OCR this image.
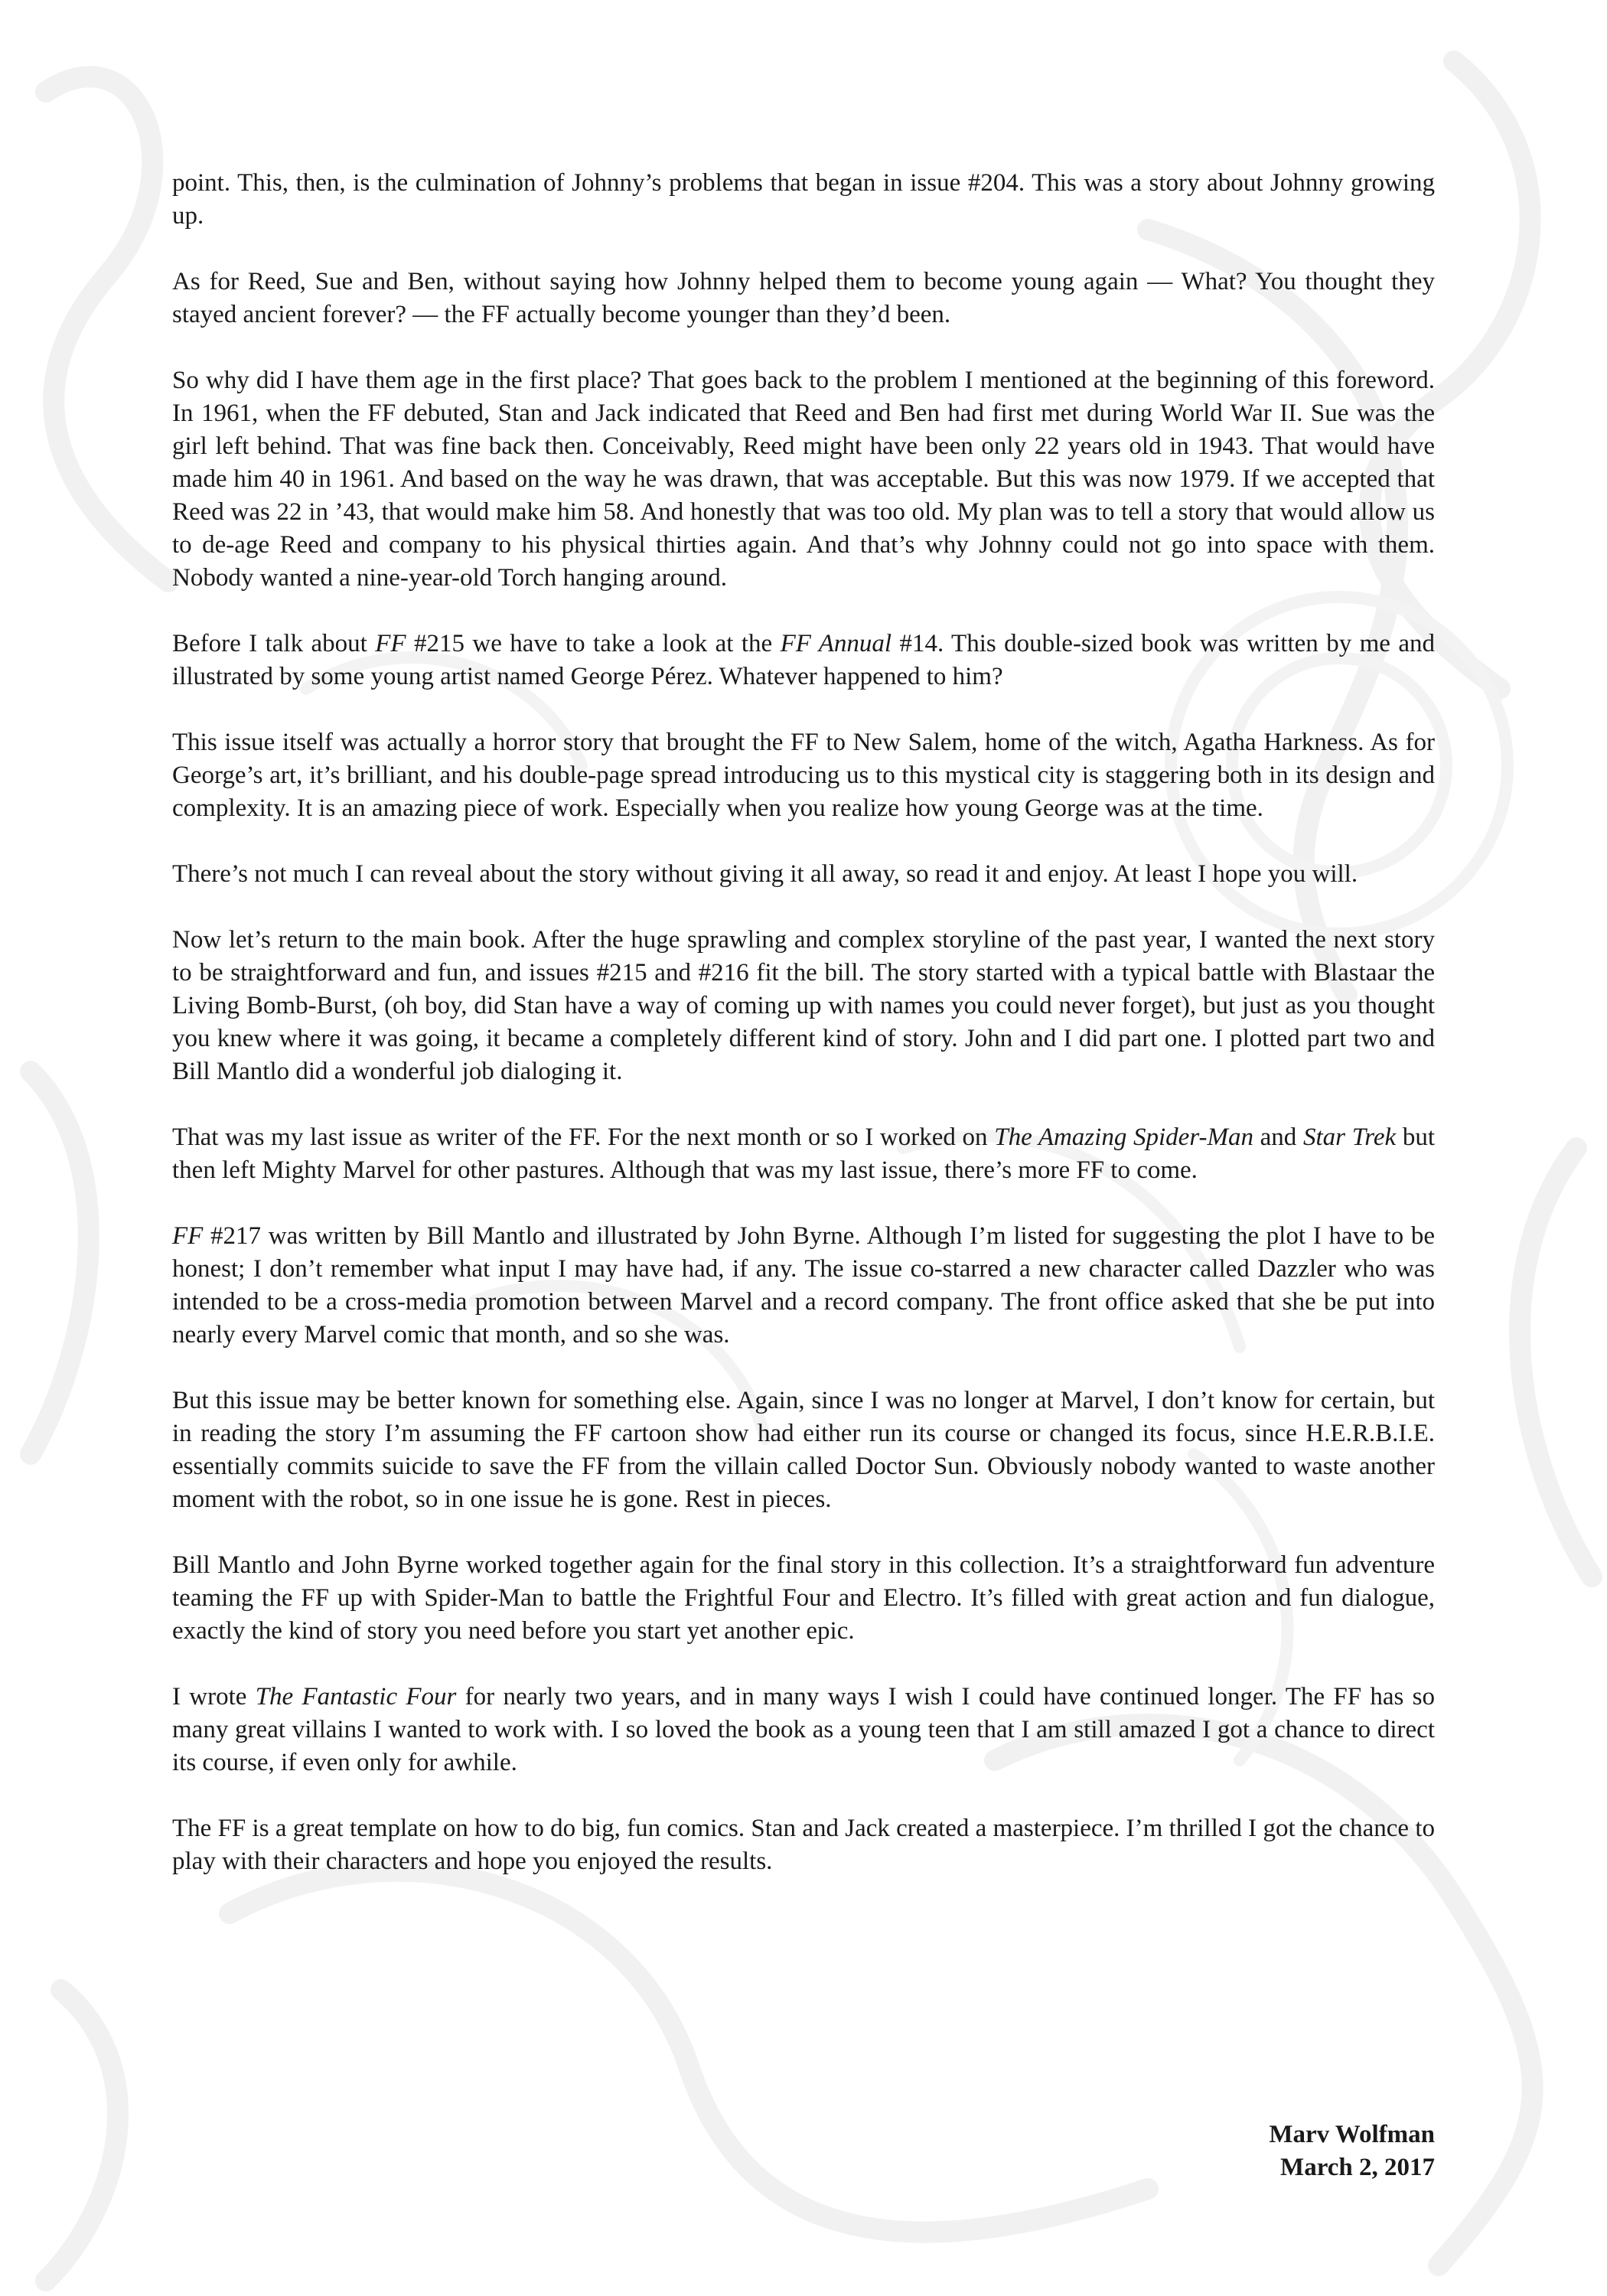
point. This, then, is the culmination of Johnny’s problems that began in issue #204. This was a story about Johnny growing up.

As for Reed, Sue and Ben, without saying how Johnny helped them to become young again — What? You thought they stayed ancient forever? — the FF actually become younger than they’d been.

So why did I have them age in the first place? That goes back to the problem I mentioned at the beginning of this foreword. In 1961, when the FF debuted, Stan and Jack indicated that Reed and Ben had first met during World War II. Sue was the girl left behind. That was fine back then. Conceivably, Reed might have been only 22 years old in 1943. That would have made him 40 in 1961. And based on the way he was drawn, that was acceptable. But this was now 1979. If we accepted that Reed was 22 in ’43, that would make him 58. And honestly that was too old. My plan was to tell a story that would allow us to de-age Reed and company to his physical thirties again. And that’s why Johnny could not go into space with them. Nobody wanted a nine-year-old Torch hanging around.

Before I talk about FF #215 we have to take a look at the FF Annual #14. This double-sized book was written by me and illustrated by some young artist named George Pérez. Whatever happened to him?

This issue itself was actually a horror story that brought the FF to New Salem, home of the witch, Agatha Harkness. As for George’s art, it’s brilliant, and his double-page spread introducing us to this mystical city is staggering both in its design and complexity. It is an amazing piece of work. Especially when you realize how young George was at the time.

There’s not much I can reveal about the story without giving it all away, so read it and enjoy. At least I hope you will.

Now let’s return to the main book. After the huge sprawling and complex storyline of the past year, I wanted the next story to be straightforward and fun, and issues #215 and #216 fit the bill. The story started with a typical battle with Blastaar the Living Bomb-Burst, (oh boy, did Stan have a way of coming up with names you could never forget), but just as you thought you knew where it was going, it became a completely different kind of story. John and I did part one. I plotted part two and Bill Mantlo did a wonderful job dialoging it.

That was my last issue as writer of the FF. For the next month or so I worked on The Amazing Spider-Man and Star Trek but then left Mighty Marvel for other pastures. Although that was my last issue, there’s more FF to come.

FF #217 was written by Bill Mantlo and illustrated by John Byrne. Although I’m listed for suggesting the plot I have to be honest; I don’t remember what input I may have had, if any. The issue co-starred a new character called Dazzler who was intended to be a cross-media promotion between Marvel and a record company. The front office asked that she be put into nearly every Marvel comic that month, and so she was.

But this issue may be better known for something else. Again, since I was no longer at Marvel, I don’t know for certain, but in reading the story I’m assuming the FF cartoon show had either run its course or changed its focus, since H.E.R.B.I.E. essentially commits suicide to save the FF from the villain called Doctor Sun. Obviously nobody wanted to waste another moment with the robot, so in one issue he is gone. Rest in pieces.

Bill Mantlo and John Byrne worked together again for the final story in this collection. It’s a straightforward fun adventure teaming the FF up with Spider-Man to battle the Frightful Four and Electro. It’s filled with great action and fun dialogue, exactly the kind of story you need before you start yet another epic.

I wrote The Fantastic Four for nearly two years, and in many ways I wish I could have continued longer. The FF has so many great villains I wanted to work with. I so loved the book as a young teen that I am still amazed I got a chance to direct its course, if even only for awhile.

The FF is a great template on how to do big, fun comics. Stan and Jack created a masterpiece. I’m thrilled I got the chance to play with their characters and hope you enjoyed the results.

Marv Wolfman
March 2, 2017
